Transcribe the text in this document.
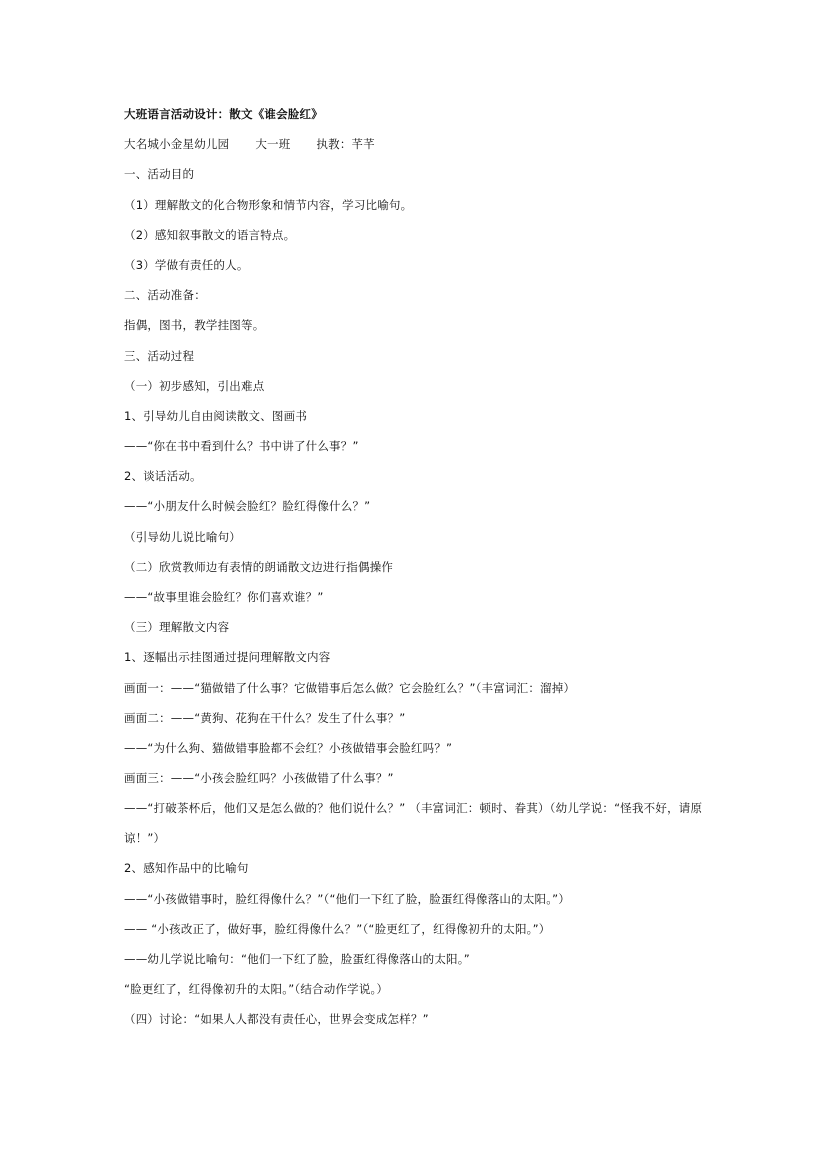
大班语言活动设计：散文《谁会脸红》
大名城小金星幼儿园 大一班 执教：芊芊
一、活动目的
（1）理解散文的化合物形象和情节内容，学习比喻句。
（2）感知叙事散文的语言特点。
（3）学做有责任的人。
二、活动准备：
指偶，图书，教学挂图等。
三、活动过程
（一）初步感知，引出难点
1、引导幼儿自由阅读散文、图画书
——“你在书中看到什么？书中讲了什么事？”
2、谈话活动。
——“小朋友什么时候会脸红？脸红得像什么？”
（引导幼儿说比喻句）
（二）欣赏教师边有表情的朗诵散文边进行指偶操作
——“故事里谁会脸红？你们喜欢谁？”
（三）理解散文内容
1、逐幅出示挂图通过提问理解散文内容
画面一：——“猫做错了什么事？它做错事后怎么做？它会脸红么？”（丰富词汇：溜掉）
画面二：——“黄狗、花狗在干什么？发生了什么事？”
——“为什么狗、猫做错事脸都不会红？小孩做错事会脸红吗？”
画面三：——“小孩会脸红吗？小孩做错了什么事？”
——“打破茶杯后，他们又是怎么做的？他们说什么？” （丰富词汇：顿时、眷萁）（幼儿学说：“怪我不好，请原谅！”）
2、感知作品中的比喻句
——“小孩做错事时，脸红得像什么？”（“他们一下红了脸，脸蛋红得像落山的太阳。”）
—— “小孩改正了，做好事，脸红得像什么？”（“脸更红了，红得像初升的太阳。”）
——幼儿学说比喻句：“他们一下红了脸，脸蛋红得像落山的太阳。”
“脸更红了，红得像初升的太阳。”（结合动作学说。）
（四）讨论：“如果人人都没有责任心，世界会变成怎样？”
